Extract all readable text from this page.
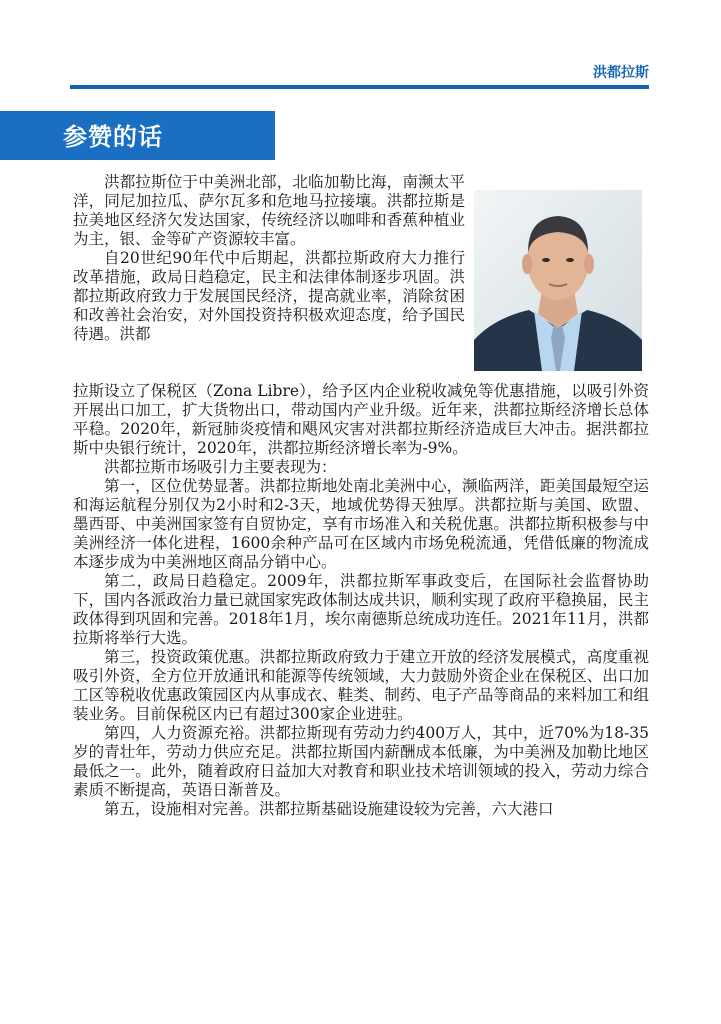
洪都拉斯
参赞的话

洪都拉斯位于中美洲北部，北临加勒比海，南濒太平洋，同尼加拉瓜、萨尔瓦多和危地马拉接壤。洪都拉斯是拉美地区经济欠发达国家，传统经济以咖啡和香蕉种植业为主，银、金等矿产资源较丰富。

自20世纪90年代中后期起，洪都拉斯政府大力推行改革措施，政局日趋稳定，民主和法律体制逐步巩固。洪都拉斯政府致力于发展国民经济，提高就业率，消除贫困和改善社会治安，对外国投资持积极欢迎态度，给予国民待遇。洪都

拉斯设立了保税区（Zona Libre），给予区内企业税收减免等优惠措施，以吸引外资开展出口加工，扩大货物出口，带动国内产业升级。近年来，洪都拉斯经济增长总体平稳。2020年，新冠肺炎疫情和飓风灾害对洪都拉斯经济造成巨大冲击。据洪都拉斯中央银行统计，2020年，洪都拉斯经济增长率为-9%。

洪都拉斯市场吸引力主要表现为：

第一，区位优势显著。洪都拉斯地处南北美洲中心，濒临两洋，距美国最短空运和海运航程分别仅为2小时和2-3天，地域优势得天独厚。洪都拉斯与美国、欧盟、墨西哥、中美洲国家签有自贸协定，享有市场准入和关税优惠。洪都拉斯积极参与中美洲经济一体化进程，1600余种产品可在区域内市场免税流通，凭借低廉的物流成本逐步成为中美洲地区商品分销中心。

第二，政局日趋稳定。2009年，洪都拉斯军事政变后，在国际社会监督协助下，国内各派政治力量已就国家宪政体制达成共识，顺利实现了政府平稳换届，民主政体得到巩固和完善。2018年1月，埃尔南德斯总统成功连任。2021年11月，洪都拉斯将举行大选。

第三，投资政策优惠。洪都拉斯政府致力于建立开放的经济发展模式，高度重视吸引外资，全方位开放通讯和能源等传统领域，大力鼓励外资企业在保税区、出口加工区等税收优惠政策园区内从事成衣、鞋类、制药、电子产品等商品的来料加工和组装业务。目前保税区内已有超过300家企业进驻。

第四，人力资源充裕。洪都拉斯现有劳动力约400万人，其中，近70%为18-35岁的青壮年，劳动力供应充足。洪都拉斯国内薪酬成本低廉，为中美洲及加勒比地区最低之一。此外，随着政府日益加大对教育和职业技术培训领域的投入，劳动力综合素质不断提高，英语日渐普及。

第五，设施相对完善。洪都拉斯基础设施建设较为完善，六大港口
